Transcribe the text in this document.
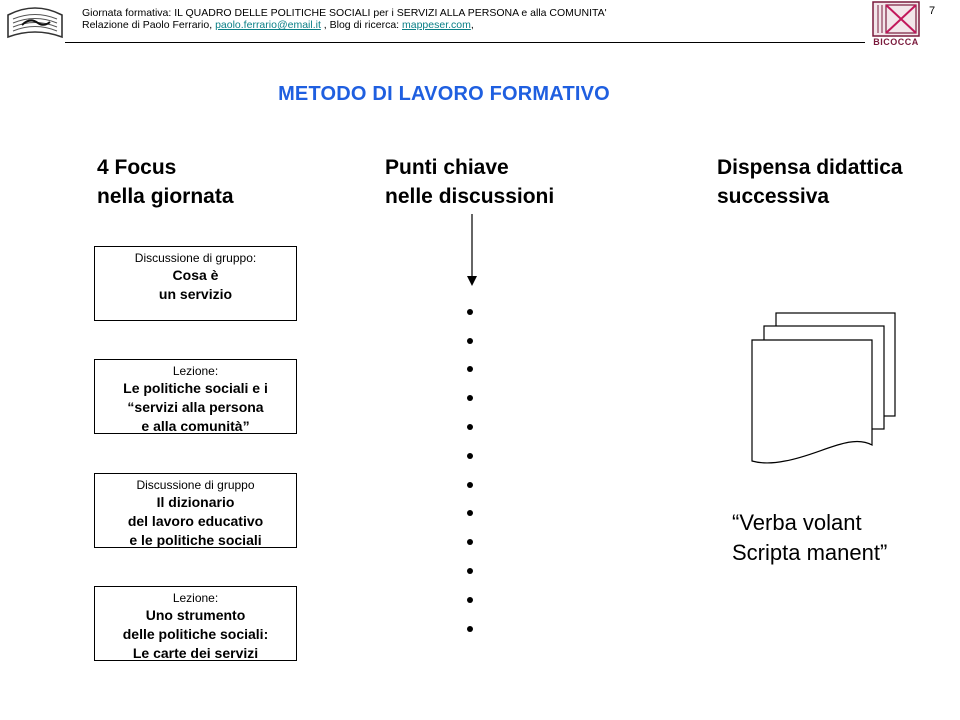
Giornata formativa: IL QUADRO DELLE POLITICHE SOCIALI per i SERVIZI ALLA PERSONA e alla COMUNITA'
Relazione di Paolo Ferrario, paolo.ferrario@email.it , Blog di ricerca: mappeser.com,
BICOCCA
7
METODO DI LAVORO FORMATIVO
4 Focus
nella giornata
Punti chiave
nelle discussioni
Dispensa didattica
successiva
Discussione di gruppo:
Cosa è
un servizio
Lezione:
Le politiche sociali e i
“servizi alla persona
e alla comunità”
Discussione di gruppo
Il dizionario
del lavoro educativo
e le politiche sociali
Lezione:
Uno strumento
delle politiche sociali:
Le carte dei servizi
“Verba volant
Scripta manent”
